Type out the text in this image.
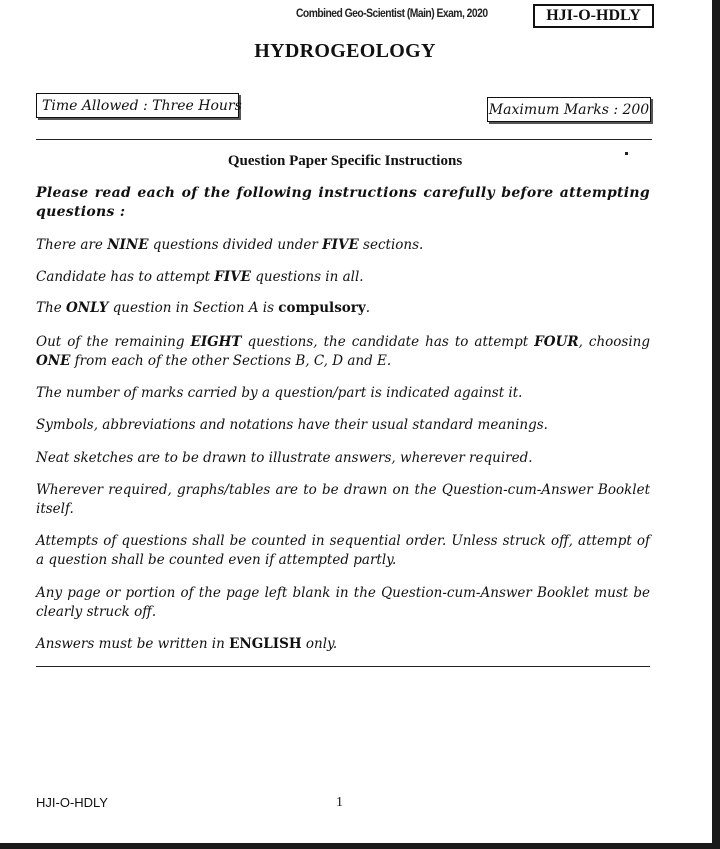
Combined Geo-Scientist (Main) Exam, 2020	HJI-O-HDLY
HYDROGEOLOGY
Time Allowed : Three Hours	Maximum Marks : 200
Question Paper Specific Instructions
Please read each of the following instructions carefully before attempting questions :
There are NINE questions divided under FIVE sections.
Candidate has to attempt FIVE questions in all.
The ONLY question in Section A is compulsory.
Out of the remaining EIGHT questions, the candidate has to attempt FOUR, choosing ONE from each of the other Sections B, C, D and E.
The number of marks carried by a question/part is indicated against it.
Symbols, abbreviations and notations have their usual standard meanings.
Neat sketches are to be drawn to illustrate answers, wherever required.
Wherever required, graphs/tables are to be drawn on the Question-cum-Answer Booklet itself.
Attempts of questions shall be counted in sequential order. Unless struck off, attempt of a question shall be counted even if attempted partly.
Any page or portion of the page left blank in the Question-cum-Answer Booklet must be clearly struck off.
Answers must be written in ENGLISH only.
HJI-O-HDLY	1
